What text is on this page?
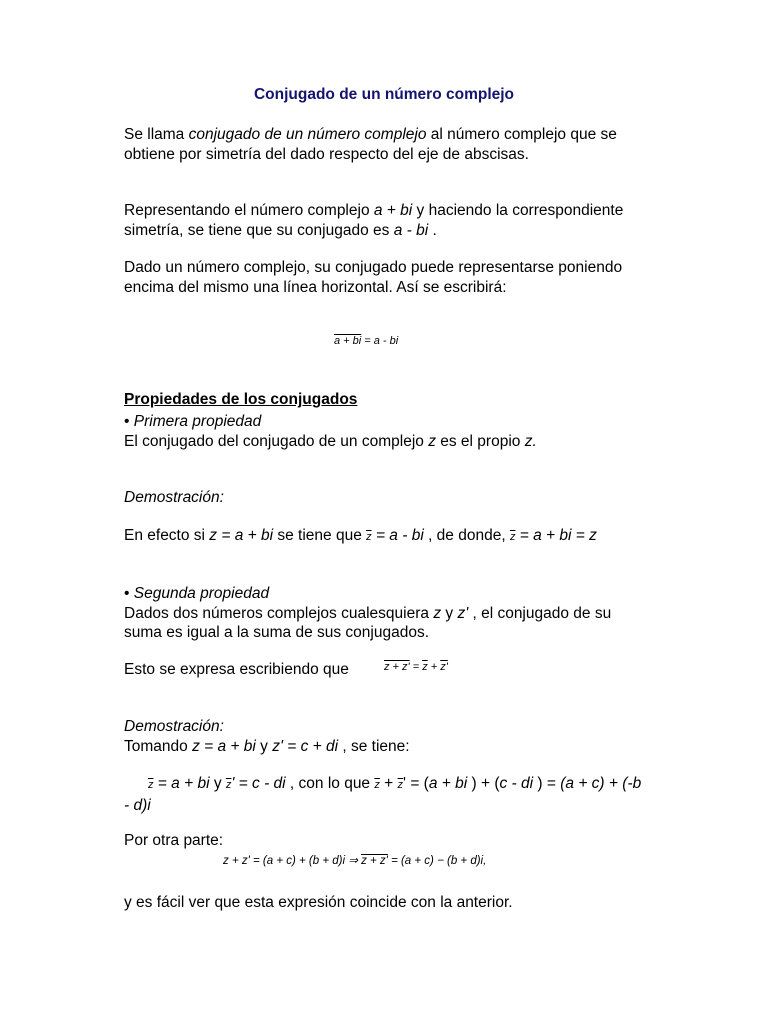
Conjugado de un número complejo
Se llama conjugado de un número complejo al número complejo que se obtiene por simetría del dado respecto del eje de abscisas.
Representando el número complejo a + bi y haciendo la correspondiente simetría, se tiene que su conjugado es a - bi .
Dado un número complejo, su conjugado puede representarse poniendo encima del mismo una línea horizontal. Así se escribirá:
a + bi = a - bi
Propiedades de los conjugados
• Primera propiedad
El conjugado del conjugado de un complejo z es el propio z.
Demostración:
En efecto si z = a + bi se tiene que $\overline{z} = a$ - bi , de donde, $\overline{z} = a$ + bi = z
• Segunda propiedad
Dados dos números complejos cualesquiera z y z' , el conjugado de su suma es igual a la suma de sus conjugados.
Esto se expresa escribiendo que	$z + z' = \overline{z} + z'$
Demostración:
Tomando z = a + bi y z' = c + di , se tiene:
$\overline{z} = a$ + bi y $\overline{z}' = c$ - di , con lo que $\overline{z} + \overline{z}' = (a$ + bi ) + (c - di ) = (a + c) + (-b - d)i
Por otra parte:
z + z' = (a + c) + (b + d)i ⇒ z + z' = (a + c) − (b + d)i,
y es fácil ver que esta expresión coincide con la anterior.
